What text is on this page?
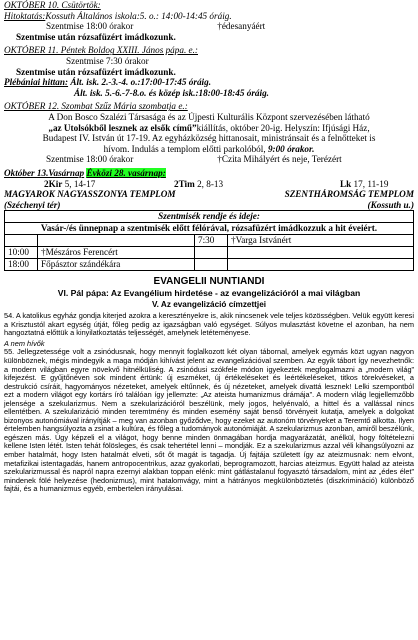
OKTÓBER 10. Csütörtök:
Hitoktatás:Kossuth Általános iskola:5. o.: 14:00-14:45 óráig.
Szentmise 18:00 órakor	†édesanyáért
Szentmise után rózsafüzért imádkozunk.
OKTÓBER 11. Péntek Boldog XXIII. János pápa. e.:
Szentmise 7:30 órakor
Szentmise után rózsafüzért imádkozunk.
Plébániai hittan: Ált. isk. 2.-3.-4. o.:17:00-17:45 óráig.
Ált. isk. 5.-6.-7-8.o. és közép isk.:18:00-18:45 óráig.
OKTÓBER 12. Szombat Szűz Mária szombatja e.:
A Don Bosco Szalézi Társasága és az Újpesti Kulturális Központ szervezésében látható
„az Utolsókből lesznek az elsők című”kiállítás, október 20-ig. Helyszín: Ifjúsági Ház,
Budapest IV. István út 17-19. Az egyházközség hittanosait, ministránsait és a felnőtteket is
hívom. Indulás a templom előtti parkolóból, 9:00 órakor.
Szentmise 18:00 órakor	†Czita Mihályért és neje, Terézért
Október 13.Vasárnap Évközi 28. vasárnap:
2Kir 5, 14-17	2Tim 2, 8-13	Lk 17, 11-19
MAGYAROK NAGYASSZONYA TEMPLOM	SZENTHÁROMSÁG TEMPLOM
(Széchenyi tér)	(Kossuth u.)
Szentmisék rendje és ideje:			
Vasár-/és ünnepnap a szentmisék előtt félórával, rózsafüzért imádkozzuk a hit éveiért.			
		7:30	†Varga Istvánért
10:00	†Mészáros Ferencért		
18:00	Főpásztor szándékára		
EVANGELII NUNTIANDI
VI. Pál pápa: Az Evangélium hirdetése - az evangelizációról a mai világban
V. Az evangelizáció címzettjei

54. A katolikus egyház gondja kiterjed azokra a keresztényekre is, akik nincsenek vele teljes közösségben. Velük együtt keresi a Krisztustól akart egység útját, főleg pedig az igazságban való egységet. Súlyos mulasztást követne el azonban, ha nem hangoztatná előttük a kinyilatkoztatás teljességét, amelynek letéteményese.

A nem hívők

55. Jellegzetessége volt a zsinódusnak, hogy mennyit foglalkozott két olyan tábornal, amelyek egymás közt ugyan nagyon különböznek, mégis mindegyik a maga módján kihívást jelent az evangelizációval szemben. Az egyik tábort így nevezhetnők: a modern világban egyre növekvő hitnélküliség. A zsinódusi szókfele módon igyekeztek megfogalmazni a „modern világ” kifejezést. E gyűjtőnéven sok mindent értünk: új eszméket, új értékeléseket és leértékeléseket, titkos törekvéseket, a destrukció csíráit, hagyományos nézeteket, amelyek eltűnnek, és új nézeteket, amelyek divattá lesznek! Lelki szempontból ezt a modern világot egy kortárs író találóan így jellemzte: „Az ateista humanizmus drámája”. A modern világ legjellemzőbb jelensége a szekularizmus. Nem a szekularizációról beszélünk, mely jogos, helyénvaló, a hittel és a vallással nincs ellentétben. A szekularizáció minden teremtmény és minden esemény saját benső törvényeit kutatja, amelyek a dolgokat bizonyos autonómiával irányítják – meg van azonban győződve, hogy ezeket az autonóm törvényeket a Teremtő alkotta. Ilyen értelemben hangsúlyozta a zsinat a kultúra, és főleg a tudományok autonómiáját. A szekularizmus azonban, amiről beszélünk, egészen más. Úgy képzeli el a világot, hogy benne minden önmagában hordja magyarázatát, anélkül, hogy föltételezni kellene Isten létét. Isten tehát fölösleges, és csak tehertétel lenni – mondják. Ez a szekularizmus azzal véli kihangsúlyozni az ember hatalmát, hogy Isten hatalmát elveti, sőt őt magát is tagadja. Új fajtája született így az ateizmusnak: nem elvont, metafizikai istentagadás, hanem antropocentrikus, azaz gyakorlati, beprogramozott, harcias ateizmus. Együtt halad az ateista szekularizmussal és napról napra ezernyi alakban toppan elénk: mint gátlástalanul fogyasztó társadalom, mint az „édes élet” mindenek fölé helyezése (hedonizmus), mint hatalomvágy, mint a hátrányos megkülönböztetés (diszkrimináció) különböző fajtái, és a humanizmus egyéb, embertelen irányulásai.
